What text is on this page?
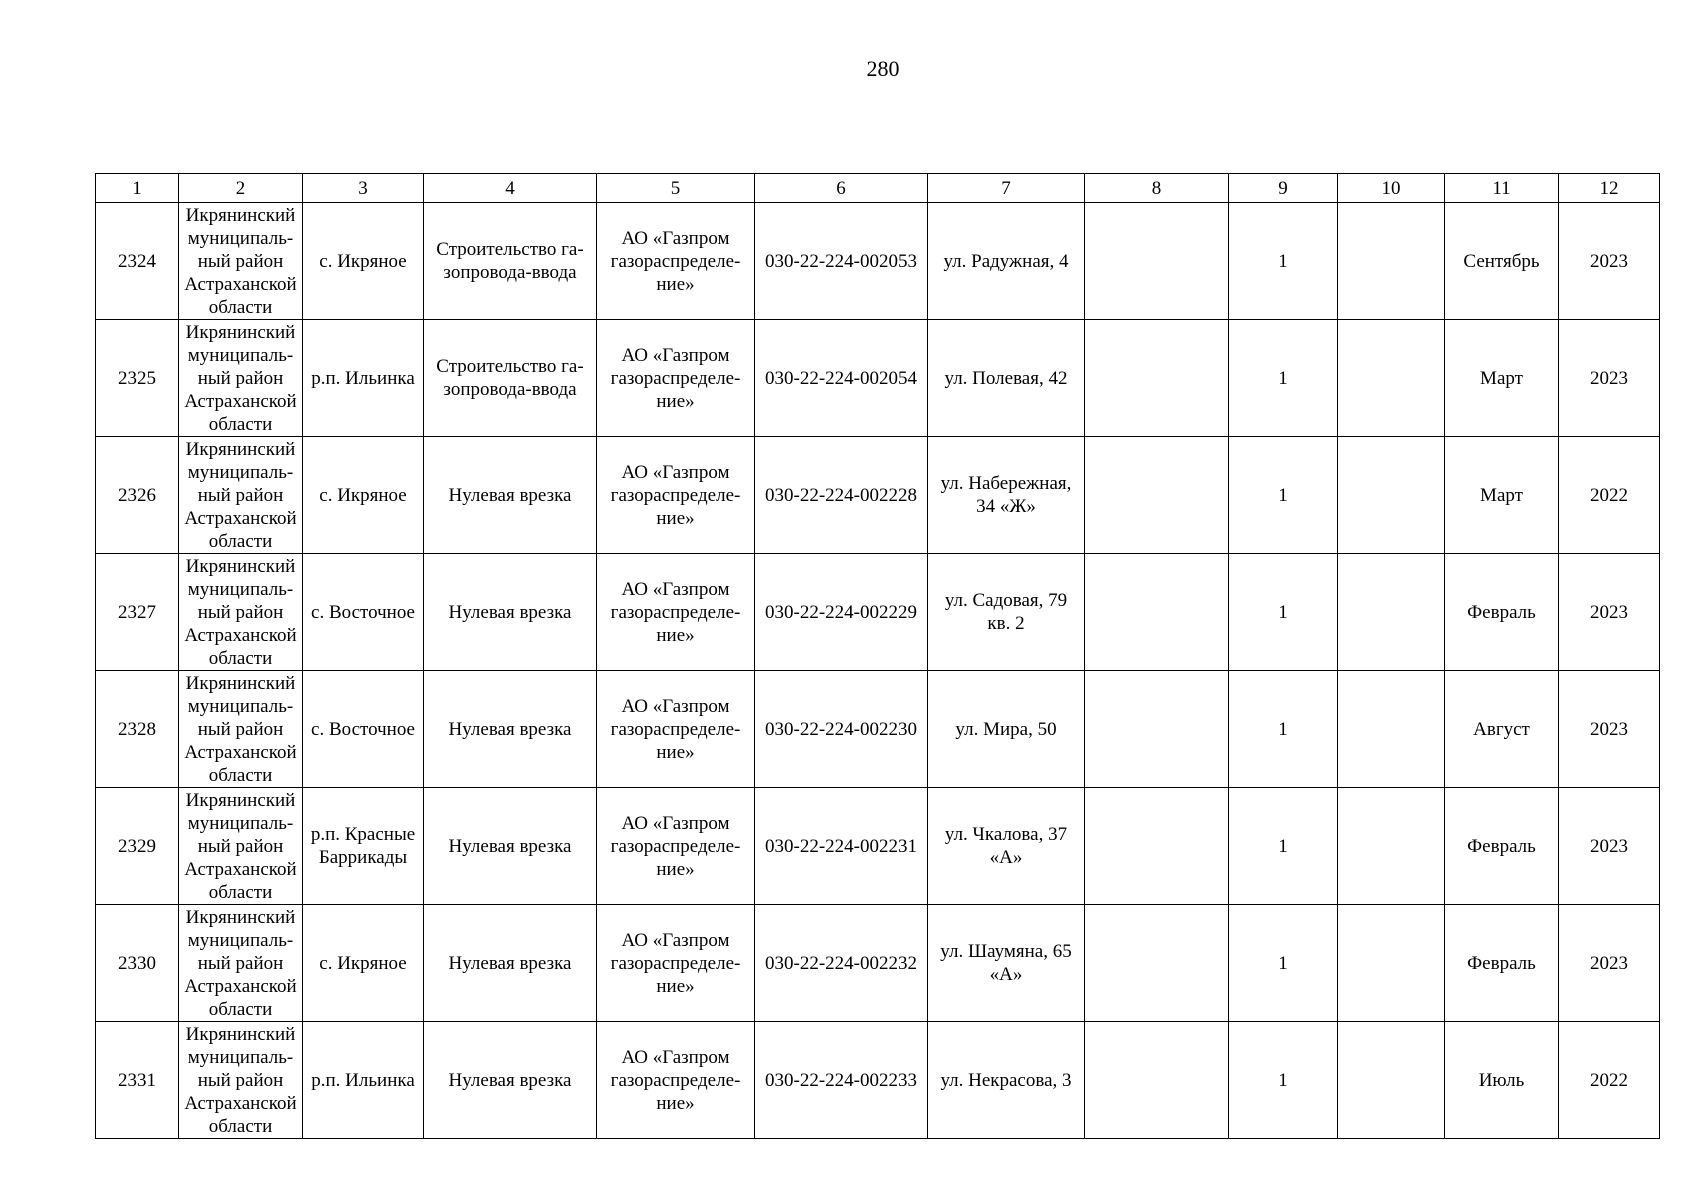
280
1	2	3	4	5	6	7	8	9	10	11	12
2324	Икрянинский
муниципаль-
ный район
Астраханской
области	с. Икряное	Строительство га-
зопровода-ввода	АО «Газпром
газораспределе-
ние»	030-22-224-002053	ул. Радужная, 4		1		Сентябрь	2023
2325	Икрянинский
муниципаль-
ный район
Астраханской
области	р.п. Ильинка	Строительство га-
зопровода-ввода	АО «Газпром
газораспределе-
ние»	030-22-224-002054	ул. Полевая, 42		1		Март	2023
2326	Икрянинский
муниципаль-
ный район
Астраханской
области	с. Икряное	Нулевая врезка	АО «Газпром
газораспределе-
ние»	030-22-224-002228	ул. Набережная,
34 «Ж»		1		Март	2022
2327	Икрянинский
муниципаль-
ный район
Астраханской
области	с. Восточное	Нулевая врезка	АО «Газпром
газораспределе-
ние»	030-22-224-002229	ул. Садовая, 79
кв. 2		1		Февраль	2023
2328	Икрянинский
муниципаль-
ный район
Астраханской
области	с. Восточное	Нулевая врезка	АО «Газпром
газораспределе-
ние»	030-22-224-002230	ул. Мира, 50		1		Август	2023
2329	Икрянинский
муниципаль-
ный район
Астраханской
области	р.п. Красные
Баррикады	Нулевая врезка	АО «Газпром
газораспределе-
ние»	030-22-224-002231	ул. Чкалова, 37
«А»		1		Февраль	2023
2330	Икрянинский
муниципаль-
ный район
Астраханской
области	с. Икряное	Нулевая врезка	АО «Газпром
газораспределе-
ние»	030-22-224-002232	ул. Шаумяна, 65
«А»		1		Февраль	2023
2331	Икрянинский
муниципаль-
ный район
Астраханской
области	р.п. Ильинка	Нулевая врезка	АО «Газпром
газораспределе-
ние»	030-22-224-002233	ул. Некрасова, 3		1		Июль	2022
